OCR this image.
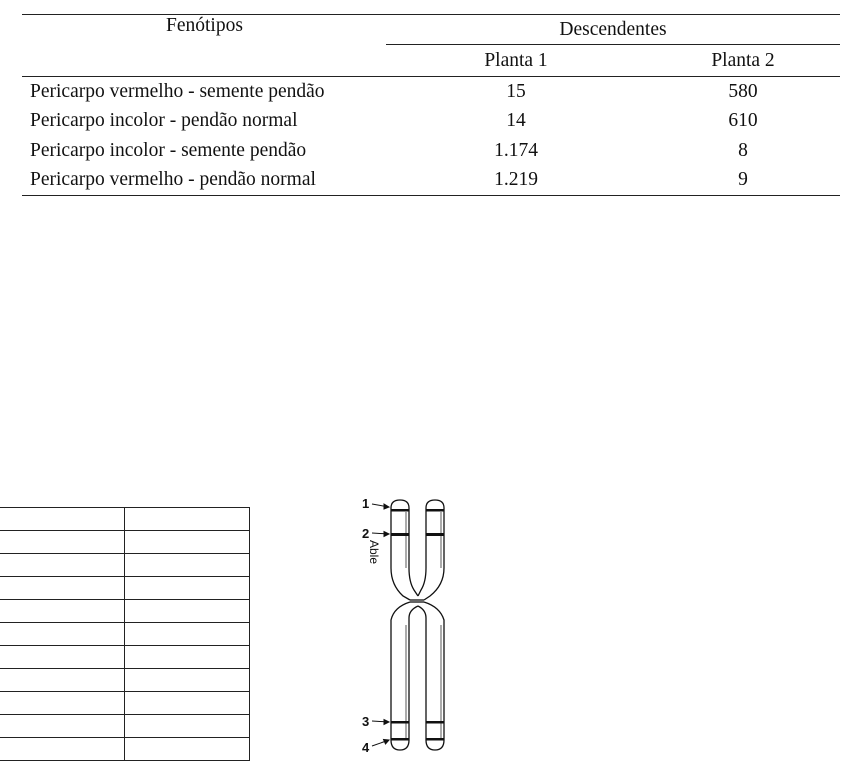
Fenótipos	Descendentes	
	Planta 1	Planta 2
Pericarpo vermelho - semente pendão	15	580
Pericarpo incolor - pendão normal	14	610
Pericarpo incolor - semente pendão	1.174	8
Pericarpo vermelho - pendão normal	1.219	9

1
2
3
4
Able
